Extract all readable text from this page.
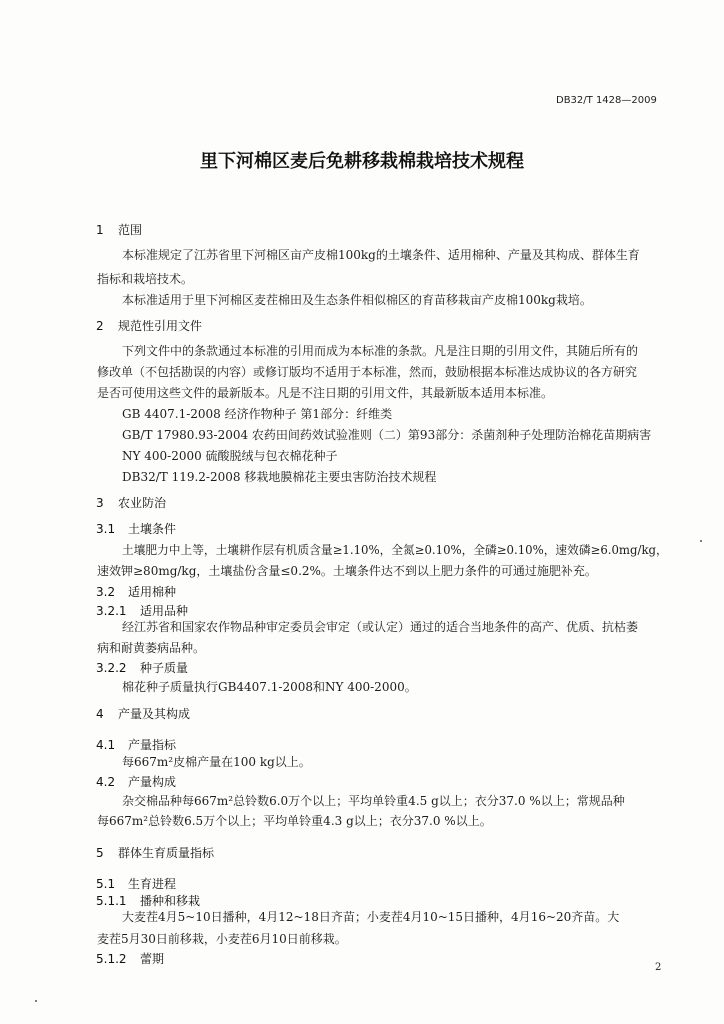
DB32/T 1428—2009
里下河棉区麦后免耕移栽棉栽培技术规程
1 范围
本标准规定了江苏省里下河棉区亩产皮棉100kg的土壤条件、适用棉种、产量及其构成、群体生育
指标和栽培技术。
本标准适用于里下河棉区麦茬棉田及生态条件相似棉区的育苗移栽亩产皮棉100kg栽培。
2 规范性引用文件
下列文件中的条款通过本标准的引用而成为本标准的条款。凡是注日期的引用文件，其随后所有的
修改单（不包括勘误的内容）或修订版均不适用于本标准，然而，鼓励根据本标准达成协议的各方研究
是否可使用这些文件的最新版本。凡是不注日期的引用文件，其最新版本适用本标准。
GB 4407.1-2008 经济作物种子 第1部分：纤维类
GB/T 17980.93-2004 农药田间药效试验准则（二）第93部分：杀菌剂种子处理防治棉花苗期病害
NY 400-2000 硫酸脱绒与包衣棉花种子
DB32/T 119.2-2008 移栽地膜棉花主要虫害防治技术规程
3 农业防治
3.1 土壤条件
土壤肥力中上等，土壤耕作层有机质含量≥1.10%，全氮≥0.10%，全磷≥0.10%，速效磷≥6.0mg/kg，
速效钾≥80mg/kg，土壤盐份含量≤0.2%。土壤条件达不到以上肥力条件的可通过施肥补充。
3.2 适用棉种
3.2.1 适用品种
经江苏省和国家农作物品种审定委员会审定（或认定）通过的适合当地条件的高产、优质、抗枯萎
病和耐黄萎病品种。
3.2.2 种子质量
棉花种子质量执行GB4407.1-2008和NY 400-2000。
4 产量及其构成
4.1 产量指标
每667m²皮棉产量在100 kg以上。
4.2 产量构成
杂交棉品种每667m²总铃数6.0万个以上；平均单铃重4.5 g以上；衣分37.0 %以上；常规品种
每667m²总铃数6.5万个以上；平均单铃重4.3 g以上；衣分37.0 %以上。
5 群体生育质量指标
5.1 生育进程
5.1.1 播种和移栽
大麦茬4月5~10日播种，4月12~18日齐苗；小麦茬4月10~15日播种，4月16~20齐苗。大
麦茬5月30日前移栽，小麦茬6月10日前移栽。
5.1.2 蕾期
2
